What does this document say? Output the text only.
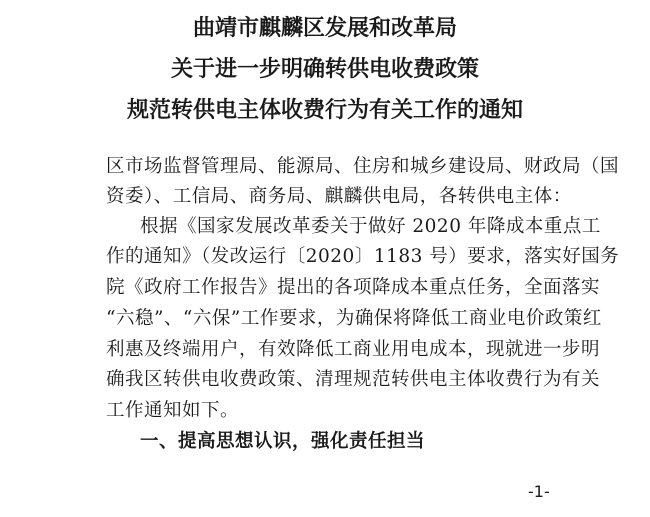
曲靖市麒麟区发展和改革局
关于进一步明确转供电收费政策
规范转供电主体收费行为有关工作的通知
区市场监督管理局、能源局、住房和城乡建设局、财政局（国
资委）、工信局、商务局、麒麟供电局，各转供电主体：
根据《国家发展改革委关于做好 2020 年降成本重点工
作的通知》（发改运行〔2020〕1183 号）要求，落实好国务
院《政府工作报告》提出的各项降成本重点任务，全面落实
“六稳”、“六保”工作要求，为确保将降低工商业电价政策红
利惠及终端用户，有效降低工商业用电成本，现就进一步明
确我区转供电收费政策、清理规范转供电主体收费行为有关
工作通知如下。
一、提高思想认识，强化责任担当
-1-
